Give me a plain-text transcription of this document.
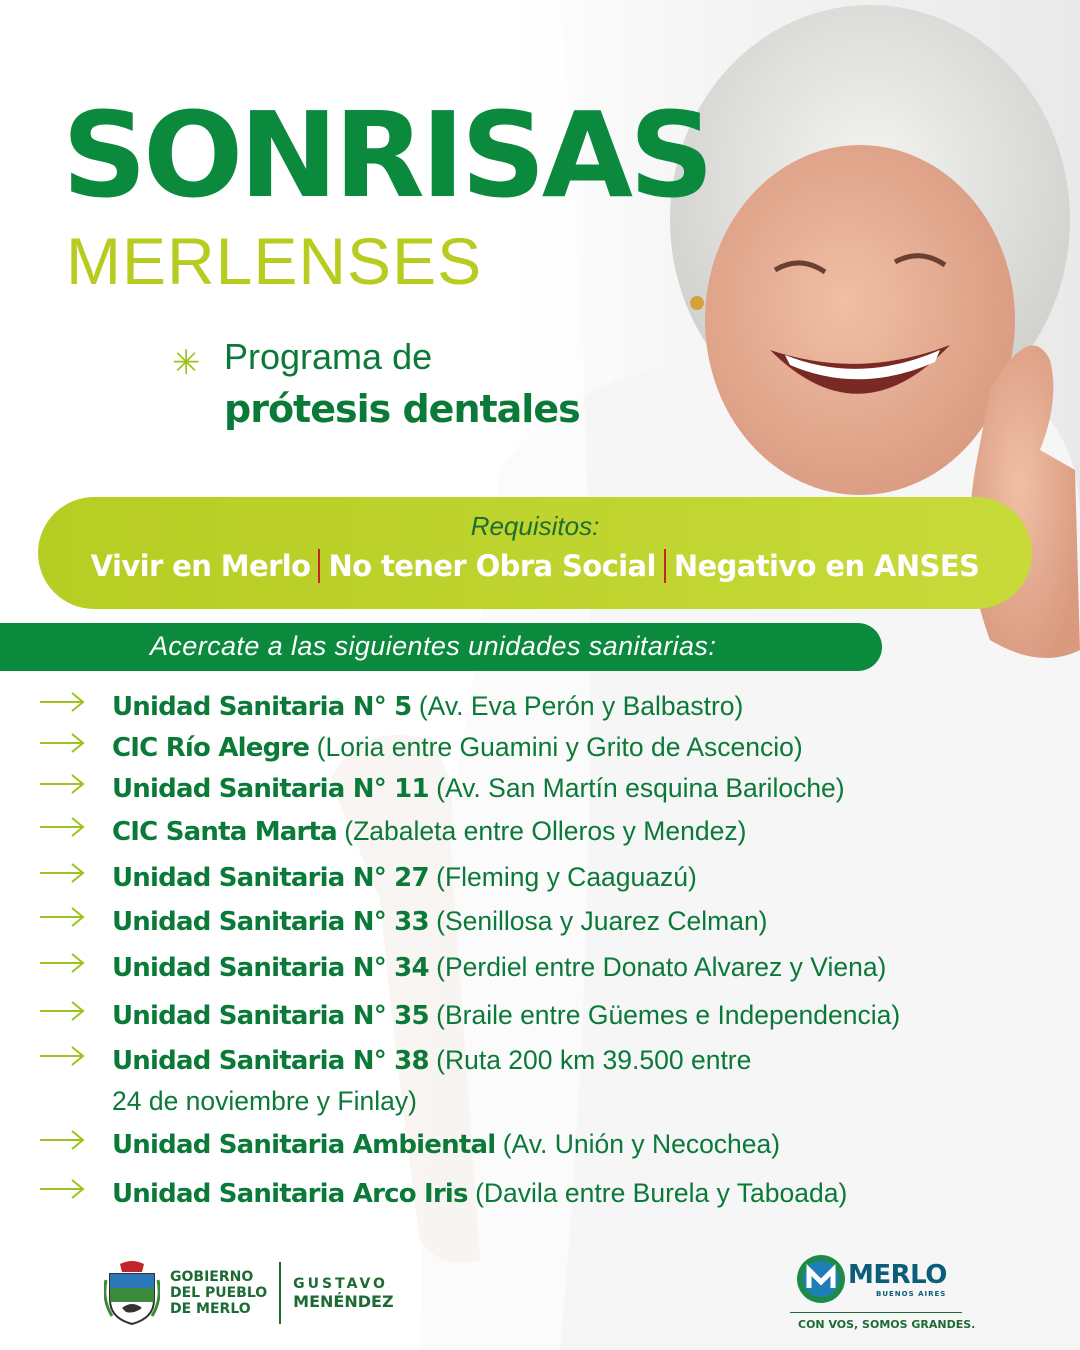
SONRISAS
MERLENSES
✳ Programa de
prótesis dentales
Requisitos:
Vivir en Merlo No tener Obra Social Negativo en ANSES
Acercate a las siguientes unidades sanitarias:
Unidad Sanitaria N° 5 (Av. Eva Perón y Balbastro)
CIC Río Alegre (Loria entre Guamini y Grito de Ascencio)
Unidad Sanitaria N° 11 (Av. San Martín esquina Bariloche)
CIC Santa Marta (Zabaleta entre Olleros y Mendez)
Unidad Sanitaria N° 27 (Fleming y Caaguazú)
Unidad Sanitaria N° 33 (Senillosa y Juarez Celman)
Unidad Sanitaria N° 34 (Perdiel entre Donato Alvarez y Viena)
Unidad Sanitaria N° 35 (Braile entre Güemes e Independencia)
Unidad Sanitaria N° 38 (Ruta 200 km 39.500 entre
24 de noviembre y Finlay)
Unidad Sanitaria Ambiental (Av. Unión y Necochea)
Unidad Sanitaria Arco Iris (Davila entre Burela y Taboada)
GOBIERNO
DEL PUEBLO
DE MERLO
GUSTAVO
MENÉNDEZ
MERLO
BUENOS AIRES
CON VOS, SOMOS GRANDES.
